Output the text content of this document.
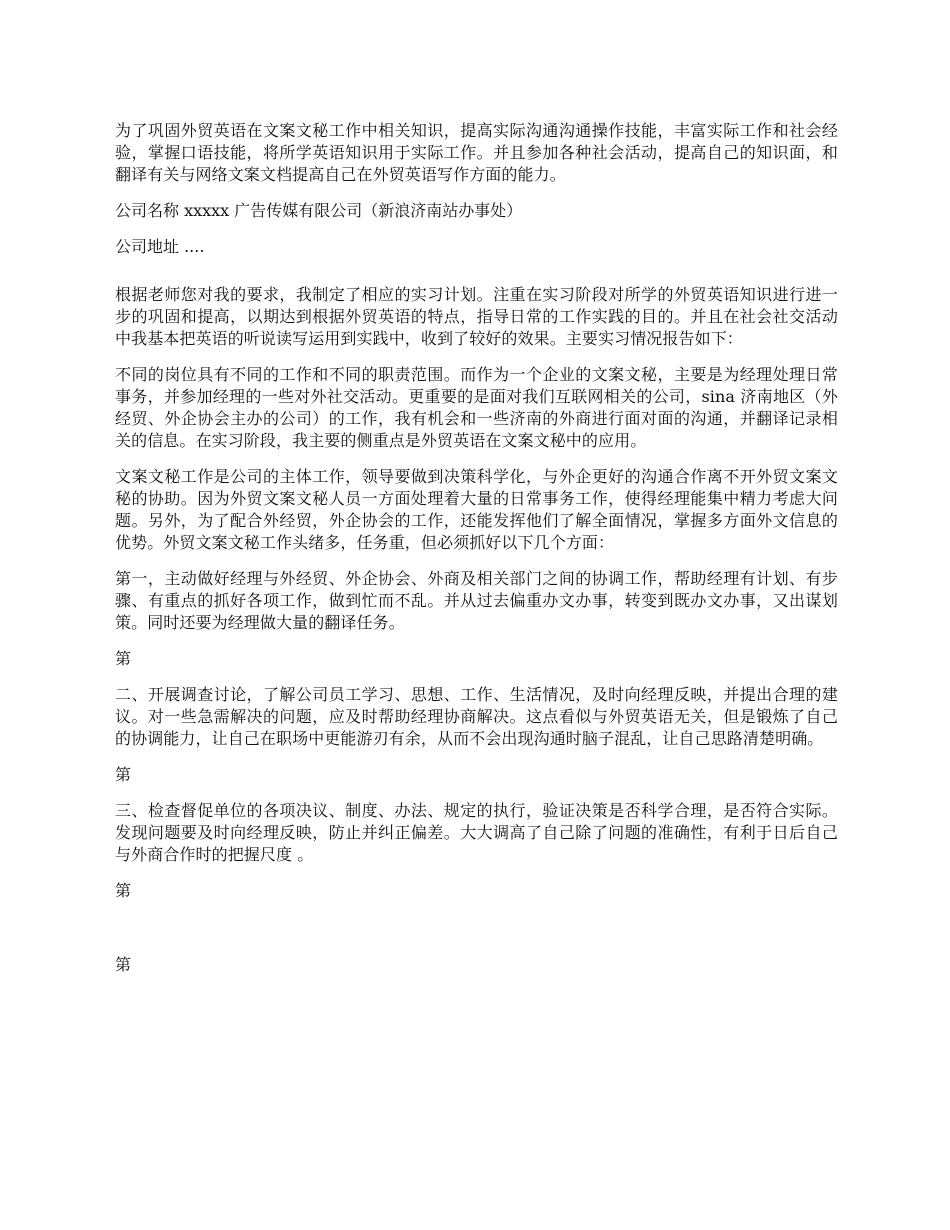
为了巩固外贸英语在文案文秘工作中相关知识，提高实际沟通沟通操作技能，丰富实际工作和社会经验，掌握口语技能，将所学英语知识用于实际工作。并且参加各种社会活动，提高自己的知识面，和翻译有关与网络文案文档提高自己在外贸英语写作方面的能力。

公司名称 xxxxx 广告传媒有限公司（新浪济南站办事处）

公司地址 ....

根据老师您对我的要求，我制定了相应的实习计划。注重在实习阶段对所学的外贸英语知识进行进一步的巩固和提高，以期达到根据外贸英语的特点，指导日常的工作实践的目的。并且在社会社交活动中我基本把英语的听说读写运用到实践中，收到了较好的效果。主要实习情况报告如下：

不同的岗位具有不同的工作和不同的职责范围。而作为一个企业的文案文秘，主要是为经理处理日常事务，并参加经理的一些对外社交活动。更重要的是面对我们互联网相关的公司，sina 济南地区（外经贸、外企协会主办的公司）的工作，我有机会和一些济南的外商进行面对面的沟通，并翻译记录相关的信息。在实习阶段，我主要的侧重点是外贸英语在文案文秘中的应用。

文案文秘工作是公司的主体工作，领导要做到决策科学化，与外企更好的沟通合作离不开外贸文案文秘的协助。因为外贸文案文秘人员一方面处理着大量的日常事务工作，使得经理能集中精力考虑大问题。另外，为了配合外经贸，外企协会的工作，还能发挥他们了解全面情况，掌握多方面外文信息的优势。外贸文案文秘工作头绪多，任务重，但必须抓好以下几个方面：

第一，主动做好经理与外经贸、外企协会、外商及相关部门之间的协调工作，帮助经理有计划、有步骤、有重点的抓好各项工作，做到忙而不乱。并从过去偏重办文办事，转变到既办文办事，又出谋划策。同时还要为经理做大量的翻译任务。

第

二、开展调查讨论，了解公司员工学习、思想、工作、生活情况，及时向经理反映，并提出合理的建议。对一些急需解决的问题，应及时帮助经理协商解决。这点看似与外贸英语无关，但是锻炼了自己的协调能力，让自己在职场中更能游刃有余，从而不会出现沟通时脑子混乱，让自己思路清楚明确。

第

三、检查督促单位的各项决议、制度、办法、规定的执行，验证决策是否科学合理，是否符合实际。发现问题要及时向经理反映，防止并纠正偏差。大大调高了自己除了问题的准确性，有利于日后自己与外商合作时的把握尺度 。

第

第
